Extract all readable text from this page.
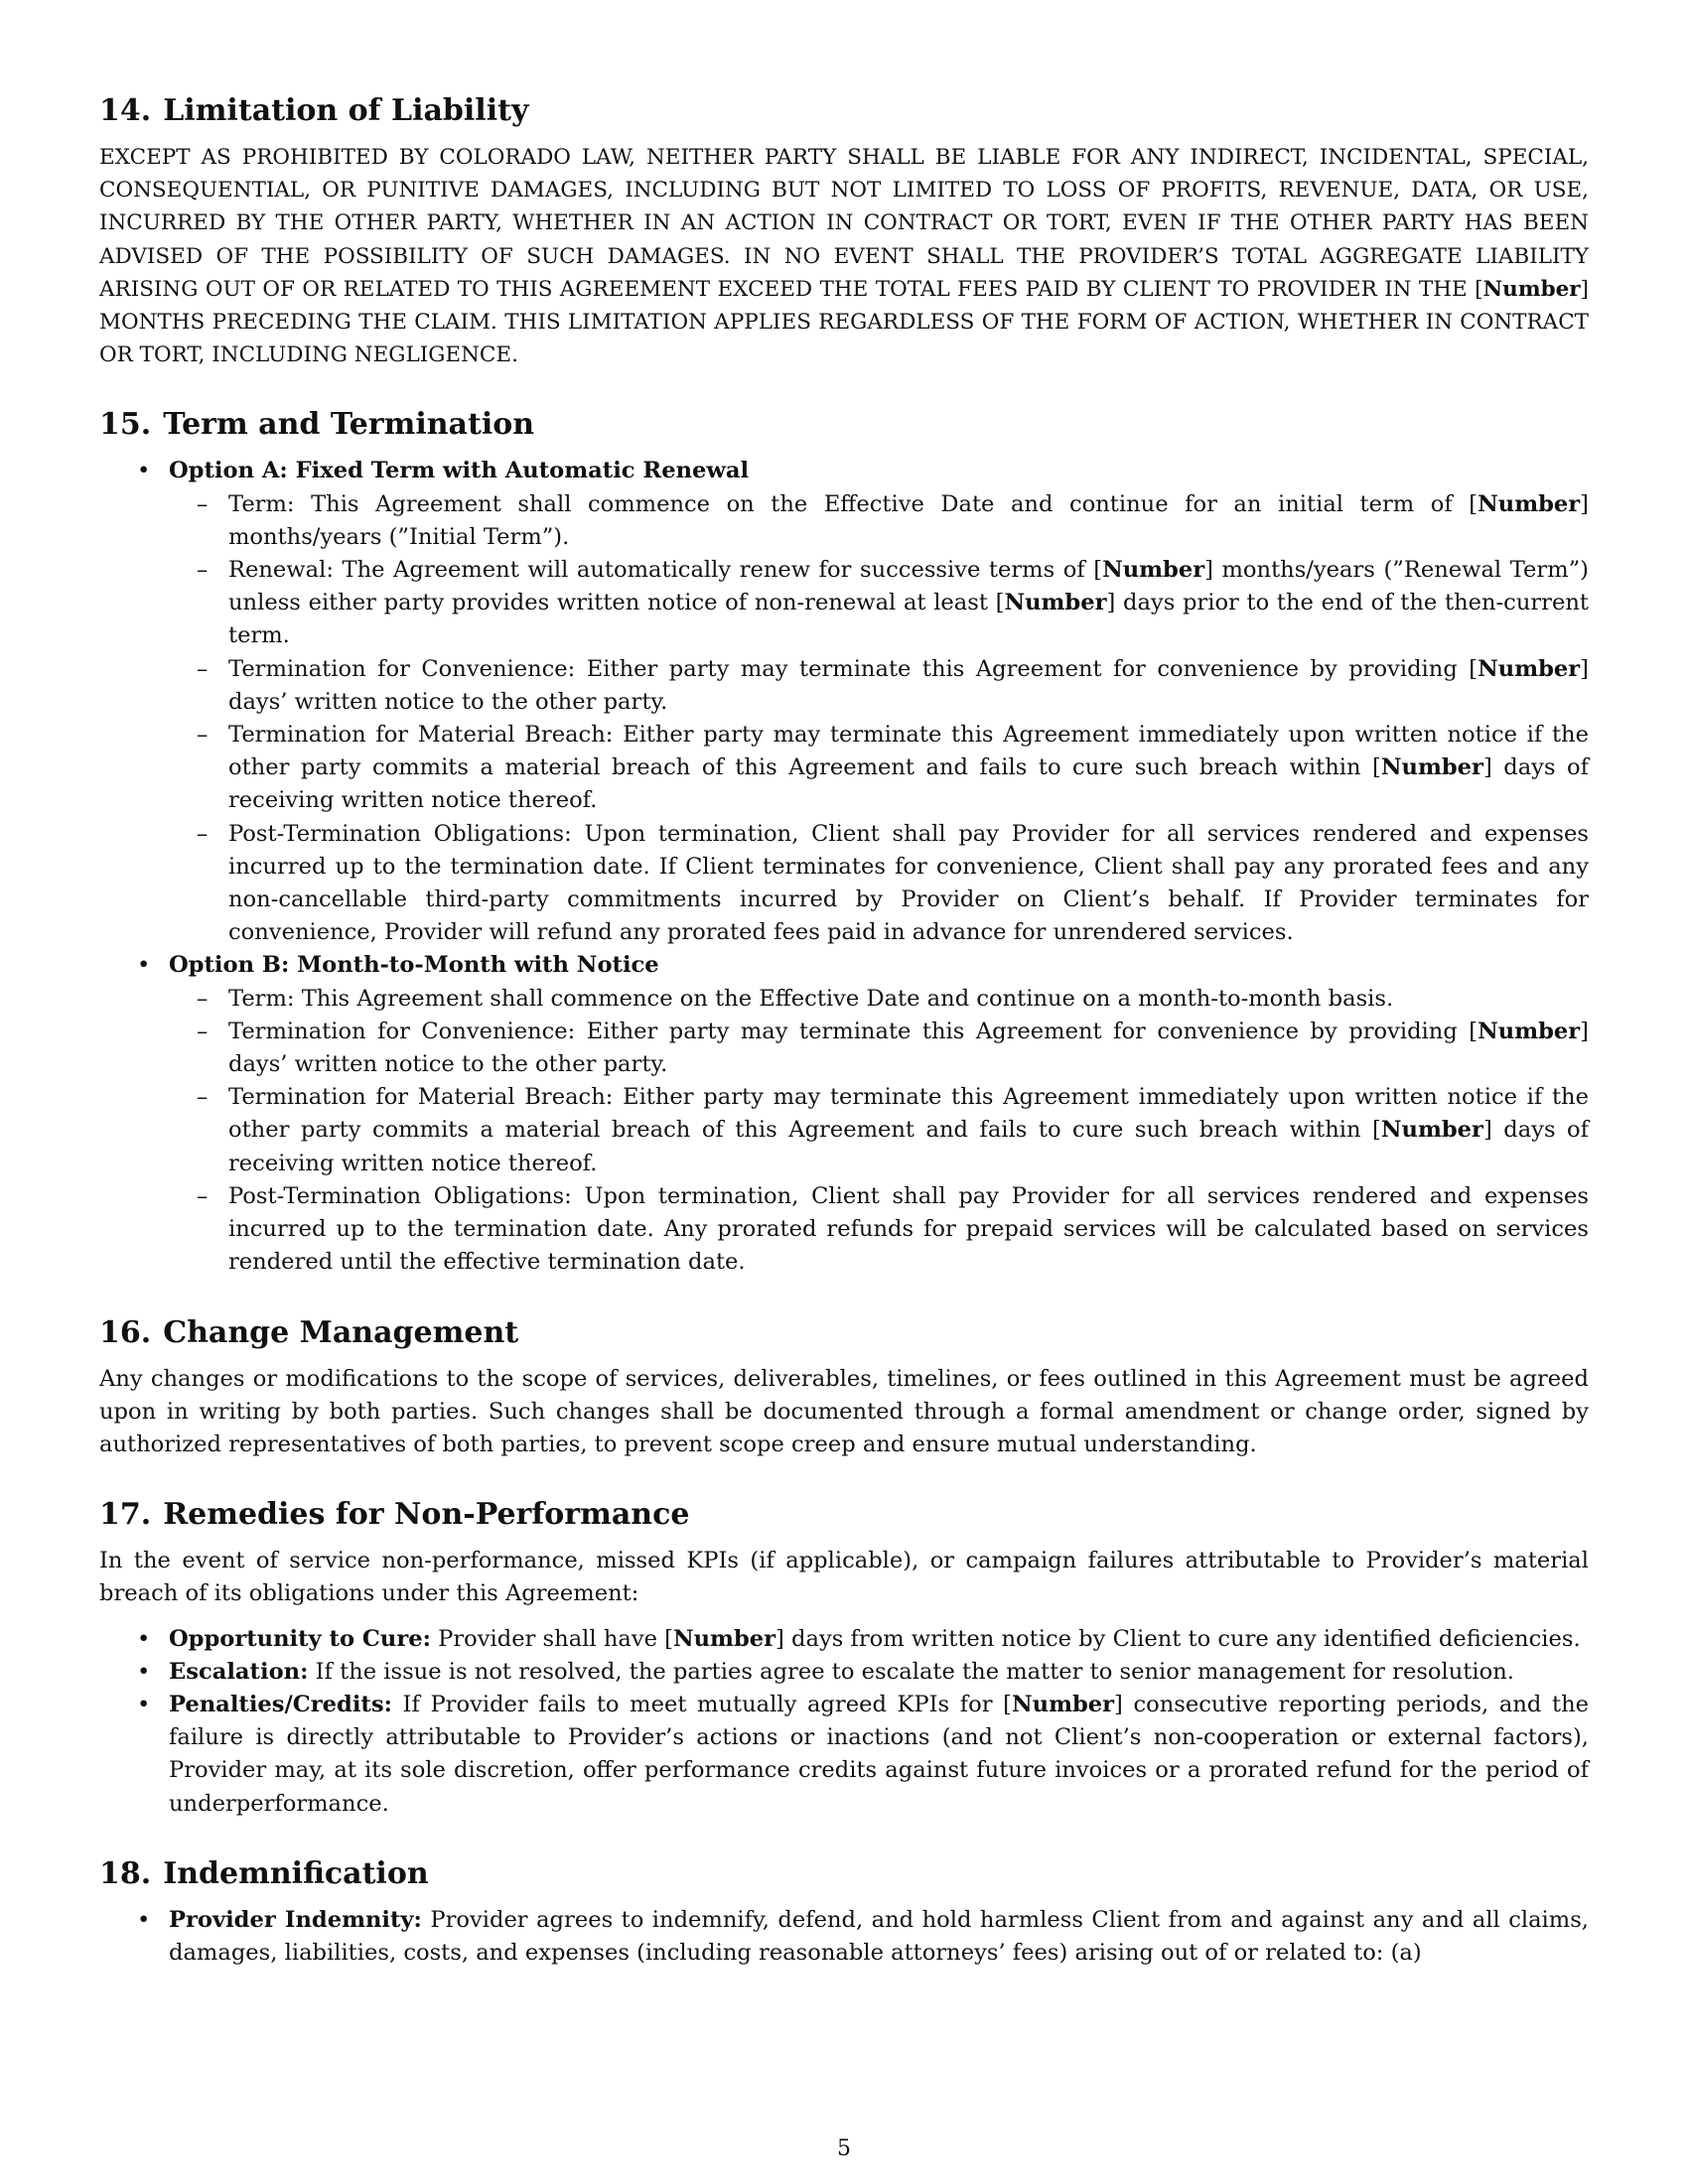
14. Limitation of Liability

EXCEPT AS PROHIBITED BY COLORADO LAW, NEITHER PARTY SHALL BE LIABLE FOR ANY INDIRECT, INCIDENTAL, SPECIAL, CONSEQUENTIAL, OR PUNITIVE DAMAGES, INCLUDING BUT NOT LIMITED TO LOSS OF PROFITS, REVENUE, DATA, OR USE, INCURRED BY THE OTHER PARTY, WHETHER IN AN ACTION IN CONTRACT OR TORT, EVEN IF THE OTHER PARTY HAS BEEN ADVISED OF THE POSSIBILITY OF SUCH DAMAGES. IN NO EVENT SHALL THE PROVIDER’S TOTAL AGGREGATE LIABILITY ARISING OUT OF OR RELATED TO THIS AGREEMENT EXCEED THE TOTAL FEES PAID BY CLIENT TO PROVIDER IN THE [Number] MONTHS PRECEDING THE CLAIM. THIS LIMITATION APPLIES REGARDLESS OF THE FORM OF ACTION, WHETHER IN CONTRACT OR TORT, INCLUDING NEGLIGENCE.

15. Term and Termination
• Option A: Fixed Term with Automatic Renewal
– Term: This Agreement shall commence on the Effective Date and continue for an initial term of [Number] months/years (”Initial Term”).
– Renewal: The Agreement will automatically renew for successive terms of [Number] months/years (”Renewal Term”) unless either party provides written notice of non-renewal at least [Number] days prior to the end of the then-current term.
– Termination for Convenience: Either party may terminate this Agreement for convenience by providing [Number] days’ written notice to the other party.
– Termination for Material Breach: Either party may terminate this Agreement immediately upon written notice if the other party commits a material breach of this Agreement and fails to cure such breach within [Number] days of receiving written notice thereof.
– Post-Termination Obligations: Upon termination, Client shall pay Provider for all services rendered and expenses incurred up to the termination date. If Client terminates for convenience, Client shall pay any prorated fees and any non-cancellable third-party commitments incurred by Provider on Client’s behalf. If Provider terminates for convenience, Provider will refund any prorated fees paid in advance for unrendered services.
• Option B: Month-to-Month with Notice
– Term: This Agreement shall commence on the Effective Date and continue on a month-to-month basis.
– Termination for Convenience: Either party may terminate this Agreement for convenience by providing [Number] days’ written notice to the other party.
– Termination for Material Breach: Either party may terminate this Agreement immediately upon written notice if the other party commits a material breach of this Agreement and fails to cure such breach within [Number] days of receiving written notice thereof.
– Post-Termination Obligations: Upon termination, Client shall pay Provider for all services rendered and expenses incurred up to the termination date. Any prorated refunds for prepaid services will be calculated based on services rendered until the effective termination date.
16. Change Management

Any changes or modifications to the scope of services, deliverables, timelines, or fees outlined in this Agreement must be agreed upon in writing by both parties. Such changes shall be documented through a formal amendment or change order, signed by authorized representatives of both parties, to prevent scope creep and ensure mutual understanding.

17. Remedies for Non-Performance

In the event of service non-performance, missed KPIs (if applicable), or campaign failures attributable to Provider’s material breach of its obligations under this Agreement:

• Opportunity to Cure: Provider shall have [Number] days from written notice by Client to cure any identified deficiencies.
• Escalation: If the issue is not resolved, the parties agree to escalate the matter to senior management for resolution.
• Penalties/Credits: If Provider fails to meet mutually agreed KPIs for [Number] consecutive reporting periods, and the failure is directly attributable to Provider’s actions or inactions (and not Client’s non-cooperation or external factors), Provider may, at its sole discretion, offer performance credits against future invoices or a prorated refund for the period of underperformance.
18. Indemnification
• Provider Indemnity: Provider agrees to indemnify, defend, and hold harmless Client from and against any and all claims, damages, liabilities, costs, and expenses (including reasonable attorneys’ fees) arising out of or related to: (a)
5
